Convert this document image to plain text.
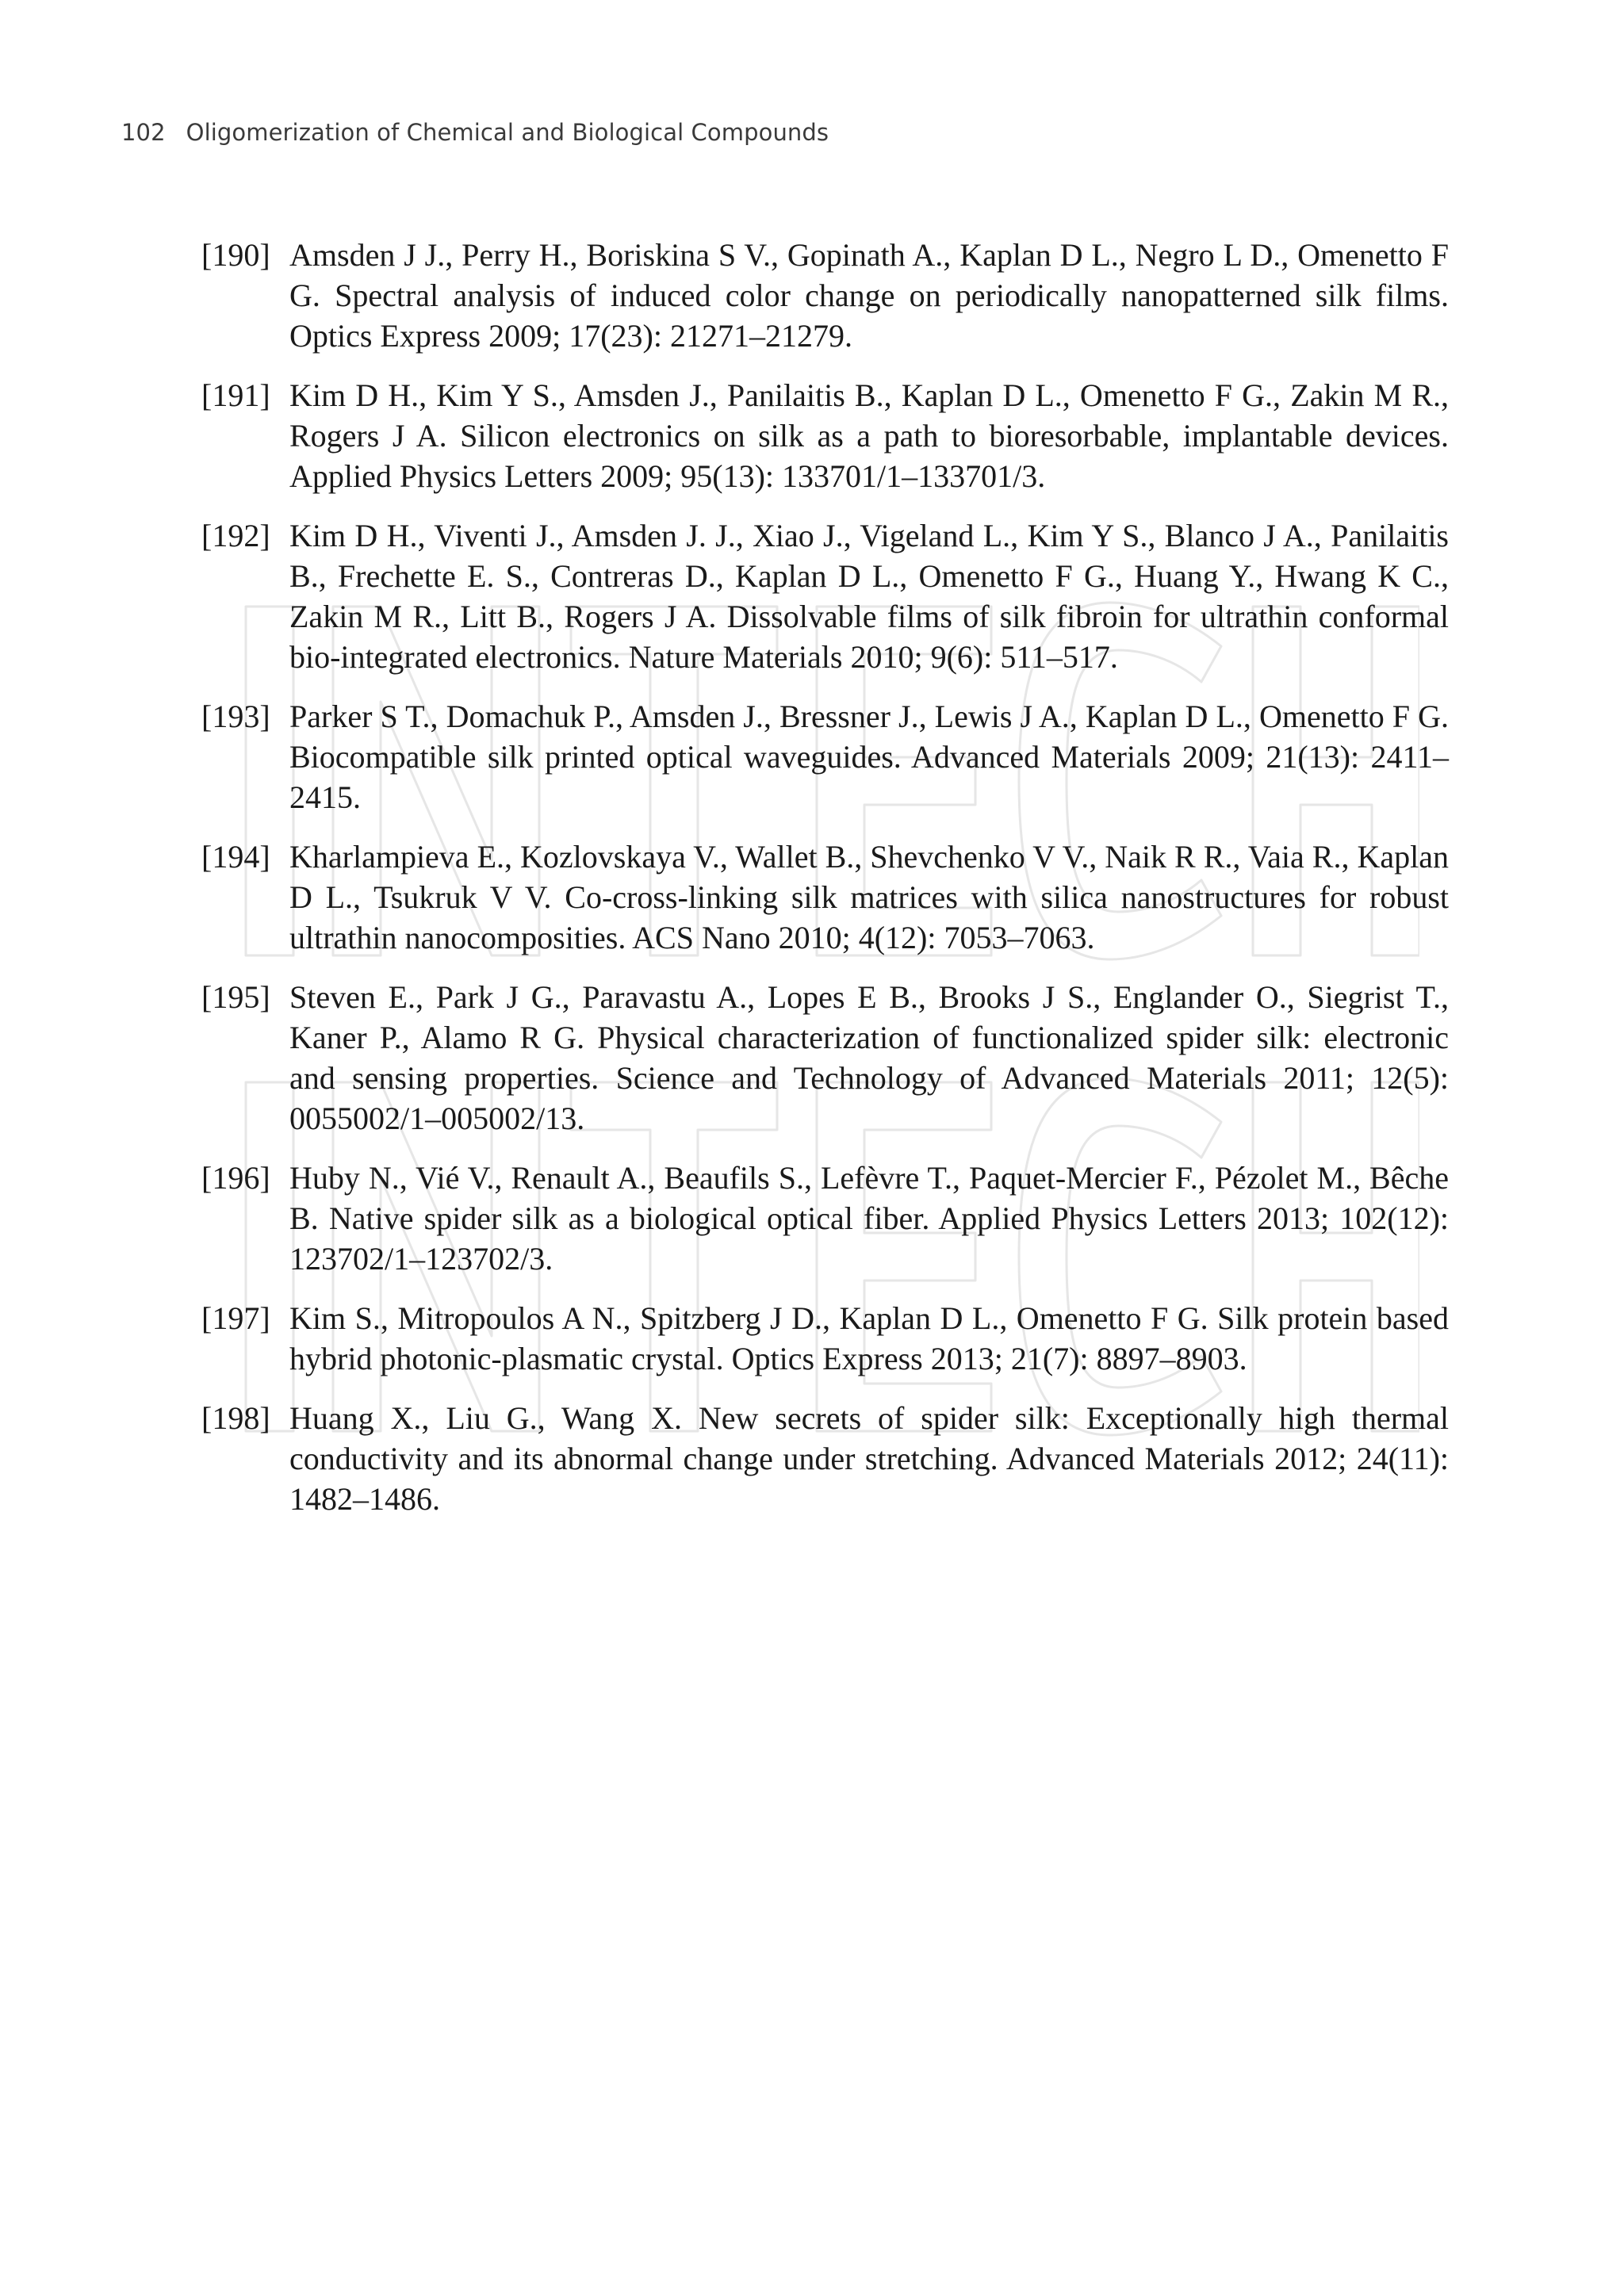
102 Oligomerization of Chemical and Biological Compounds
[190] Amsden J J., Perry H., Boriskina S V., Gopinath A., Kaplan D L., Negro L D., Omenetto F G. Spectral analysis of induced color change on periodically nanopatterned silk films. Optics Express 2009; 17(23): 21271–21279.
[191] Kim D H., Kim Y S., Amsden J., Panilaitis B., Kaplan D L., Omenetto F G., Zakin M R., Rogers J A. Silicon electronics on silk as a path to bioresorbable, implantable devices. Applied Physics Letters 2009; 95(13): 133701/1–133701/3.
[192] Kim D H., Viventi J., Amsden J. J., Xiao J., Vigeland L., Kim Y S., Blanco J A., Panilaitis B., Frechette E. S., Contreras D., Kaplan D L., Omenetto F G., Huang Y., Hwang K C., Zakin M R., Litt B., Rogers J A. Dissolvable films of silk fibroin for ultrathin conformal bio-integrated electronics. Nature Materials 2010; 9(6): 511–517.
[193] Parker S T., Domachuk P., Amsden J., Bressner J., Lewis J A., Kaplan D L., Omenetto F G. Biocompatible silk printed optical waveguides. Advanced Materials 2009; 21(13): 2411–2415.
[194] Kharlampieva E., Kozlovskaya V., Wallet B., Shevchenko V V., Naik R R., Vaia R., Kaplan D L., Tsukruk V V. Co-cross-linking silk matrices with silica nanostructures for robust ultrathin nanocomposities. ACS Nano 2010; 4(12): 7053–7063.
[195] Steven E., Park J G., Paravastu A., Lopes E B., Brooks J S., Englander O., Siegrist T., Kaner P., Alamo R G. Physical characterization of functionalized spider silk: electronic and sensing properties. Science and Technology of Advanced Materials 2011; 12(5): 0055002/1–005002/13.
[196] Huby N., Vié V., Renault A., Beaufils S., Lefèvre T., Paquet-Mercier F., Pézolet M., Bêche B. Native spider silk as a biological optical fiber. Applied Physics Letters 2013; 102(12): 123702/1–123702/3.
[197] Kim S., Mitropoulos A N., Spitzberg J D., Kaplan D L., Omenetto F G. Silk protein based hybrid photonic-plasmatic crystal. Optics Express 2013; 21(7): 8897–8903.
[198] Huang X., Liu G., Wang X. New secrets of spider silk: Exceptionally high thermal conductivity and its abnormal change under stretching. Advanced Materials 2012; 24(11): 1482–1486.
